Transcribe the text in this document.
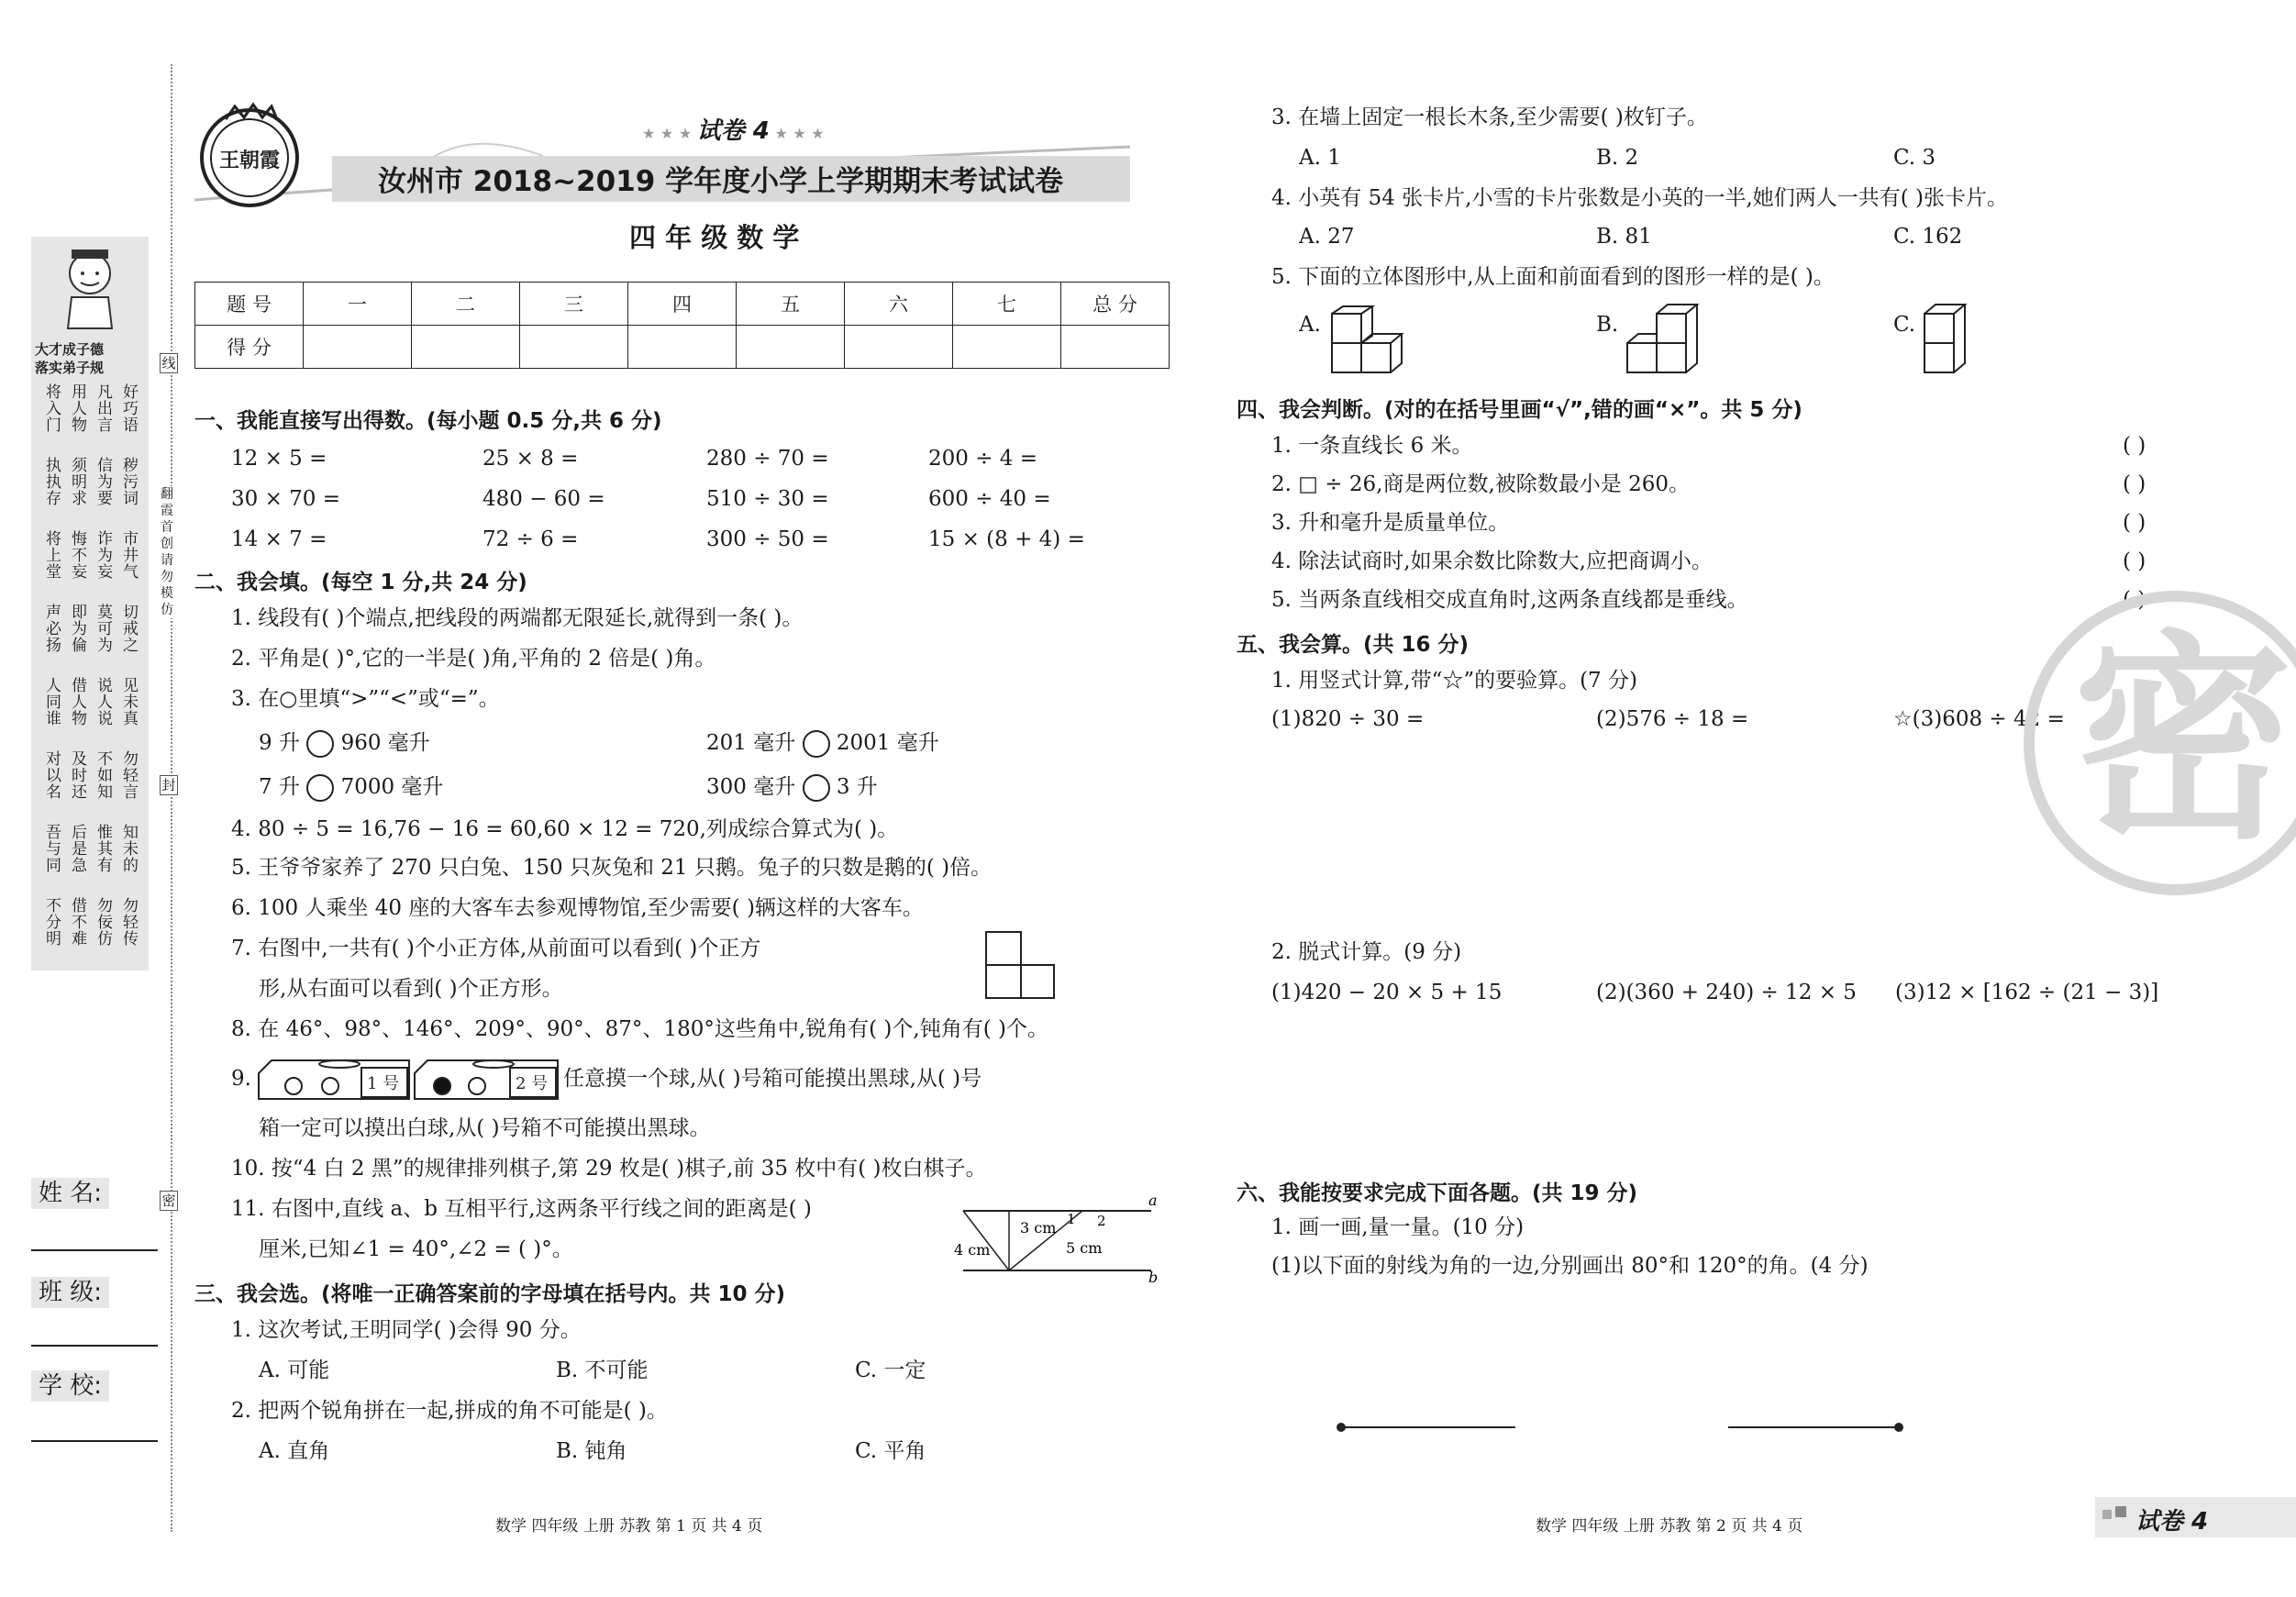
大才成子德
落实弟子规
好巧语
凡出言
用人物
将入门
秽污词
信为要
须明求
执执存
市井气
诈为妄
悔不妄
将上堂
切戒之
莫可为
即为倫
声必扬
见未真
说人说
借人物
人同谁
勿轻言
不如知
及时还
对以名
知未的
惟其有
后是急
吾与同
勿轻传
勿佞仿
借不难
不分明
线
封
密
翻
霞
首
创
请
勿
模
仿
姓 名:
班 级:
学 校:
王朝霞
★ ★ ★ 试卷 4 ★ ★ ★
汝州市 2018~2019 学年度小学上学期期末考试试卷
四 年 级 数 学
题 号	一	二	三	四	五	六	七	总 分
得 分								
一、我能直接写出得数。(每小题 0.5 分,共 6 分)
12 × 5 =	25 × 8 =	280 ÷ 70 =	200 ÷ 4 =
30 × 70 =	480 − 60 =	510 ÷ 30 =	600 ÷ 40 =
14 × 7 =	72 ÷ 6 =	300 ÷ 50 =	15 × (8 + 4) =
二、我会填。(每空 1 分,共 24 分)
1. 线段有( )个端点,把线段的两端都无限延长,就得到一条( )。
2. 平角是( )°,它的一半是( )角,平角的 2 倍是( )角。
3. 在○里填“>”“<”或“=”。
9 升 960 毫升	201 毫升 2001 毫升
7 升 7000 毫升	300 毫升 3 升
4. 80 ÷ 5 = 16,76 − 16 = 60,60 × 12 = 720,列成综合算式为( )。
5. 王爷爷家养了 270 只白兔、150 只灰兔和 21 只鹅。兔子的只数是鹅的( )倍。
6. 100 人乘坐 40 座的大客车去参观博物馆,至少需要( )辆这样的大客车。
7. 右图中,一共有( )个小正方体,从前面可以看到( )个正方
形,从右面可以看到( )个正方形。
8. 在 46°、98°、146°、209°、90°、87°、180°这些角中,锐角有( )个,钝角有( )个。
9.	1 号	2 号 任意摸一个球,从( )号箱可能摸出黑球,从( )号
箱一定可以摸出白球,从( )号箱不可能摸出黑球。
10. 按“4 白 2 黑”的规律排列棋子,第 29 枚是( )棋子,前 35 枚中有( )枚白棋子。
11. 右图中,直线 a、b 互相平行,这两条平行线之间的距离是( )
厘米,已知∠1 = 40°,∠2 = ( )°。
a
b
3 cm
4 cm	5 cm
1 2
三、我会选。(将唯一正确答案前的字母填在括号内。共 10 分)
1. 这次考试,王明同学( )会得 90 分。
A. 可能	B. 不可能	C. 一定
2. 把两个锐角拼在一起,拼成的角不可能是( )。
A. 直角	B. 钝角	C. 平角
数学 四年级 上册 苏教 第 1 页 共 4 页
3. 在墙上固定一根长木条,至少需要( )枚钉子。
A. 1	B. 2	C. 3
4. 小英有 54 张卡片,小雪的卡片张数是小英的一半,她们两人一共有( )张卡片。
A. 27	B. 81	C. 162
5. 下面的立体图形中,从上面和前面看到的图形一样的是( )。
A.	B.	C.
四、我会判断。(对的在括号里画“√”,错的画“×”。共 5 分)
1. 一条直线长 6 米。	( )
2. □ ÷ 26,商是两位数,被除数最小是 260。	( )
3. 升和毫升是质量单位。	( )
4. 除法试商时,如果余数比除数大,应把商调小。	( )
5. 当两条直线相交成直角时,这两条直线都是垂线。	( )
五、我会算。(共 16 分)
1. 用竖式计算,带“☆”的要验算。(7 分)
(1)820 ÷ 30 =	(2)576 ÷ 18 =	☆(3)608 ÷ 42 = 密
2. 脱式计算。(9 分)
(1)420 − 20 × 5 + 15	(2)(360 + 240) ÷ 12 × 5 (3)12 × [162 ÷ (21 − 3)]
六、我能按要求完成下面各题。(共 19 分)
1. 画一画,量一量。(10 分)
(1)以下面的射线为角的一边,分别画出 80°和 120°的角。(4 分)
数学 四年级 上册 苏教 第 2 页 共 4 页	试卷 4
